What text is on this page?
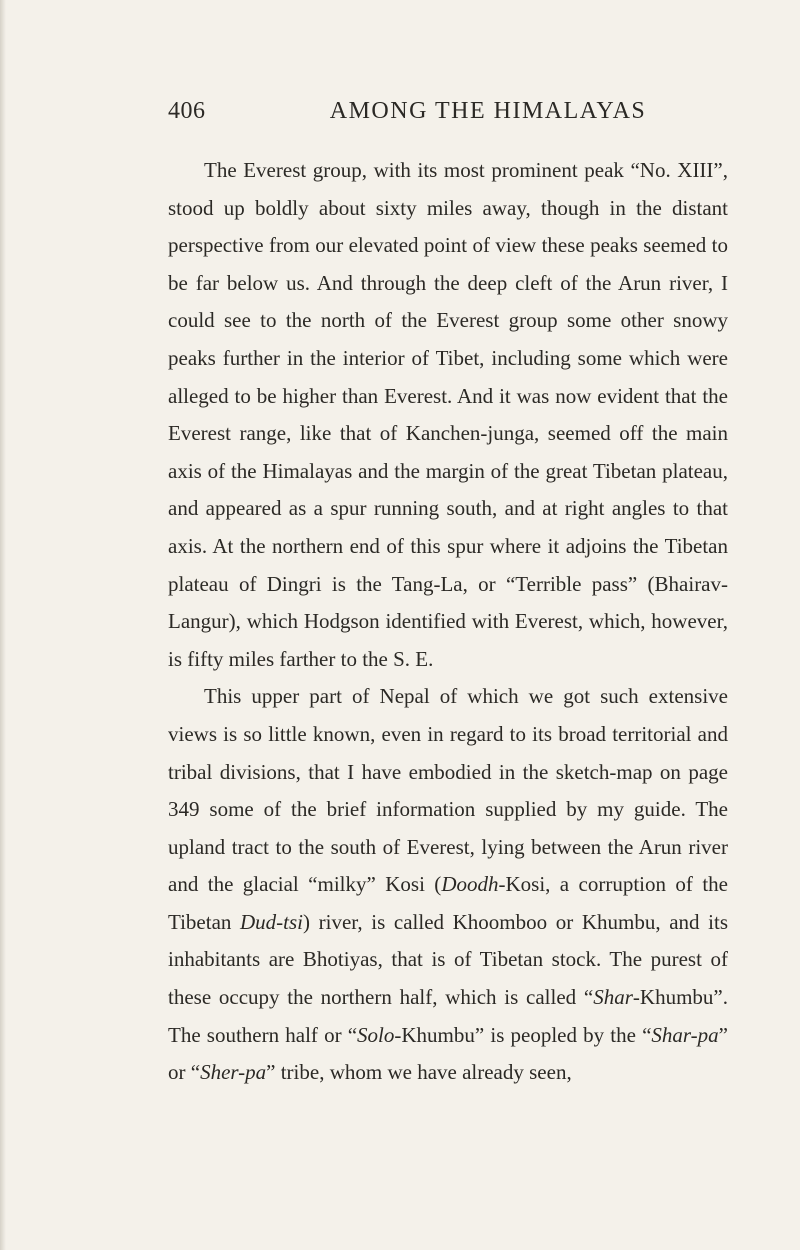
406	AMONG THE HIMALAYAS

The Everest group, with its most prominent peak “No. XIII”, stood up boldly about sixty miles away, though in the distant perspective from our elevated point of view these peaks seemed to be far below us. And through the deep cleft of the Arun river, I could see to the north of the Everest group some other snowy peaks further in the interior of Tibet, including some which were alleged to be higher than Everest. And it was now evident that the Everest range, like that of Kanchen-junga, seemed off the main axis of the Himalayas and the margin of the great Tibetan plateau, and appeared as a spur running south, and at right angles to that axis. At the northern end of this spur where it adjoins the Tibetan plateau of Dingri is the Tang-La, or “Terrible pass” (Bhairav-Langur), which Hodgson identified with Everest, which, however, is fifty miles farther to the S. E.

This upper part of Nepal of which we got such extensive views is so little known, even in regard to its broad territorial and tribal divisions, that I have embodied in the sketch-map on page 349 some of the brief information supplied by my guide. The upland tract to the south of Everest, lying between the Arun river and the glacial “milky” Kosi (Doodh-Kosi, a corruption of the Tibetan Dud-tsi) river, is called Khoomboo or Khumbu, and its inhabitants are Bhotiyas, that is of Tibetan stock. The purest of these occupy the northern half, which is called “Shar-Khumbu”. The southern half or “Solo-Khumbu” is peopled by the “Shar-pa” or “Sher-pa” tribe, whom we have already seen,
